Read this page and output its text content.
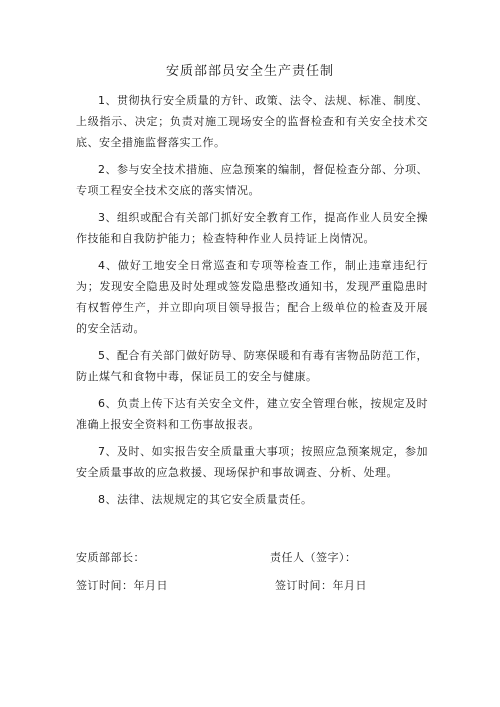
安质部部员安全生产责任制

1、贯彻执行安全质量的方针、政策、法令、法规、标准、制度、上级指示、决定；负责对施工现场安全的监督检查和有关安全技术交底、安全措施监督落实工作。

2、参与安全技术措施、应急预案的编制，督促检查分部、分项、专项工程安全技术交底的落实情况。

3、组织或配合有关部门抓好安全教育工作，提高作业人员安全操作技能和自我防护能力；检查特种作业人员持证上岗情况。

4、做好工地安全日常巡查和专项等检查工作，制止违章违纪行为；发现安全隐患及时处理或签发隐患整改通知书，发现严重隐患时有权暂停生产，并立即向项目领导报告；配合上级单位的检查及开展的安全活动。

5、配合有关部门做好防导、防寒保暖和有毒有害物品防范工作，防止煤气和食物中毒，保证员工的安全与健康。

6、负责上传下达有关安全文件，建立安全管理台帐，按规定及时准确上报安全资料和工伤事故报表。

7、及时、如实报告安全质量重大事项；按照应急预案规定，参加安全质量事故的应急救援、现场保护和事故调查、分析、处理。

8、法律、法规规定的其它安全质量责任。

安质部部长：	责任人（签字）：
签订时间：年月日	签订时间：年月日
